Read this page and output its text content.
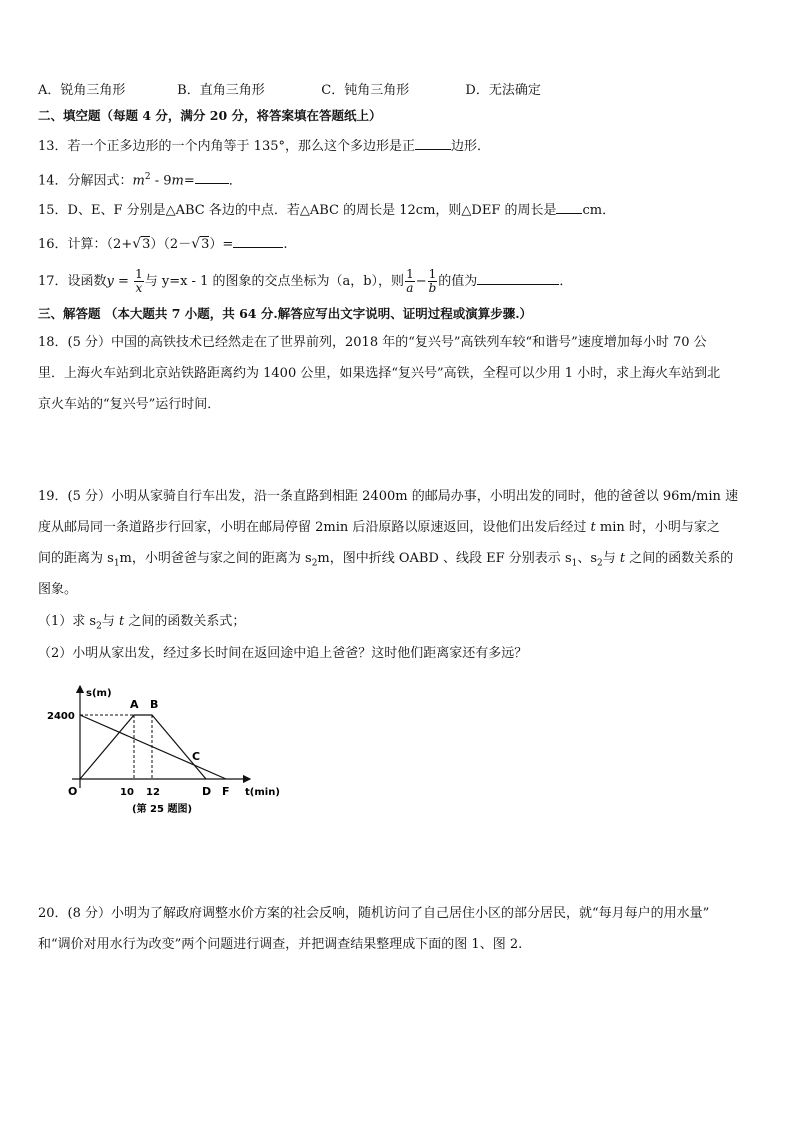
A．锐角三角形	B．直角三角形	C．钝角三角形	D．无法确定
二、填空题（每题 4 分，满分 20 分，将答案填在答题纸上）
13．若一个正多边形的一个内角等于 135°，那么这个多边形是正	边形．
14．分解因式：$m^2 - 9m=$	．
15．D、E、F 分别是△ABC 各边的中点．若△ABC 的周长是 12cm，则△DEF 的周长是 cm．
16．计算：（2+√3）（2－√3）=	.
17．设函数$y = \frac{1}{x}$ 与 y=x - 1 的图象的交点坐标为（a，b），则 $\frac{1}{a} - \frac{1}{b}$ 的值为	．
三、解答题 （本大题共 7 小题，共 64 分.解答应写出文字说明、证明过程或演算步骤.）
18．(5 分）中国的高铁技术已经然走在了世界前列，2018 年的“复兴号”高铁列车较“和谐号”速度增加每小时 70 公
里．上海火车站到北京站铁路距离约为 1400 公里，如果选择“复兴号”高铁，全程可以少用 1 小时，求上海火车站到北
京火车站的“复兴号”运行时间．
19．(5 分）小明从家骑自行车出发，沿一条直路到相距 2400m 的邮局办事，小明出发的同时，他的爸爸以 96m/min 速
度从邮局同一条道路步行回家，小明在邮局停留 2min 后沿原路以原速返回，设他们出发后经过 t min 时，小明与家之
间的距离为 $s_1m$，小明爸爸与家之间的距离为 $s_2m$，图中折线 OABD 、线段 EF 分别表示 $s_1$、$s_2$与 t 之间的函数关系的
图象。
（1）求 $s_2$与 t 之间的函数关系式；
（2）小明从家出发，经过多长时间在返回途中追上爸爸？这时他们距离家还有多远？
s(m)
t(min)
2400
A B
C
O	10 12	D F
(第 25 题图)
20．(8 分）小明为了解政府调整水价方案的社会反响，随机访问了自己居住小区的部分居民，就“每月每户的用水量”
和“调价对用水行为改变”两个问题进行调查，并把调查结果整理成下面的图 1、图 2.
